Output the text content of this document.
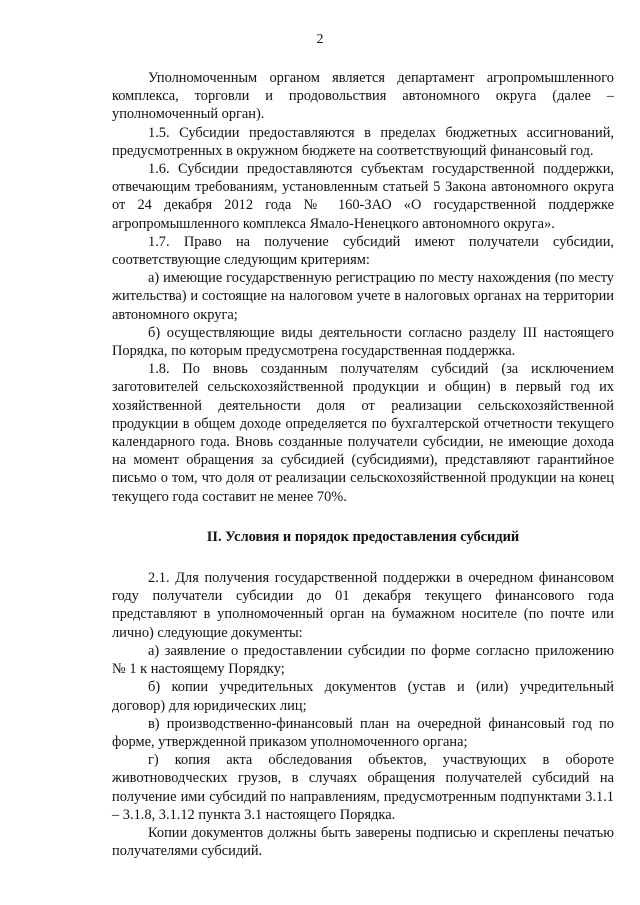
2

Уполномоченным органом является департамент агропромышленного комплекса, торговли и продовольствия автономного округа (далее – уполномоченный орган).

1.5. Субсидии предоставляются в пределах бюджетных ассигнований, предусмотренных в окружном бюджете на соответствующий финансовый год.

1.6. Субсидии предоставляются субъектам государственной поддержки, отвечающим требованиям, установленным статьей 5 Закона автономного округа от 24 декабря 2012 года № 160-ЗАО «О государственной поддержке агропромышленного комплекса Ямало-Ненецкого автономного округа».

1.7. Право на получение субсидий имеют получатели субсидии, соответствующие следующим критериям:

а) имеющие государственную регистрацию по месту нахождения (по месту жительства) и состоящие на налоговом учете в налоговых органах на территории автономного округа;

б) осуществляющие виды деятельности согласно разделу III настоящего Порядка, по которым предусмотрена государственная поддержка.

1.8. По вновь созданным получателям субсидий (за исключением заготовителей сельскохозяйственной продукции и общин) в первый год их хозяйственной деятельности доля от реализации сельскохозяйственной продукции в общем доходе определяется по бухгалтерской отчетности текущего календарного года. Вновь созданные получатели субсидии, не имеющие дохода на момент обращения за субсидией (субсидиями), представляют гарантийное письмо о том, что доля от реализации сельскохозяйственной продукции на конец текущего года составит не менее 70%.

II. Условия и порядок предоставления субсидий

2.1. Для получения государственной поддержки в очередном финансовом году получатели субсидии до 01 декабря текущего финансового года представляют в уполномоченный орган на бумажном носителе (по почте или лично) следующие документы:

а) заявление о предоставлении субсидии по форме согласно приложению № 1 к настоящему Порядку;

б) копии учредительных документов (устав и (или) учредительный договор) для юридических лиц;

в) производственно-финансовый план на очередной финансовый год по форме, утвержденной приказом уполномоченного органа;

г) копия акта обследования объектов, участвующих в обороте животноводческих грузов, в случаях обращения получателей субсидий на получение ими субсидий по направлениям, предусмотренным подпунктами 3.1.1 – 3.1.8, 3.1.12 пункта 3.1 настоящего Порядка.

Копии документов должны быть заверены подписью и скреплены печатью получателями субсидий.
